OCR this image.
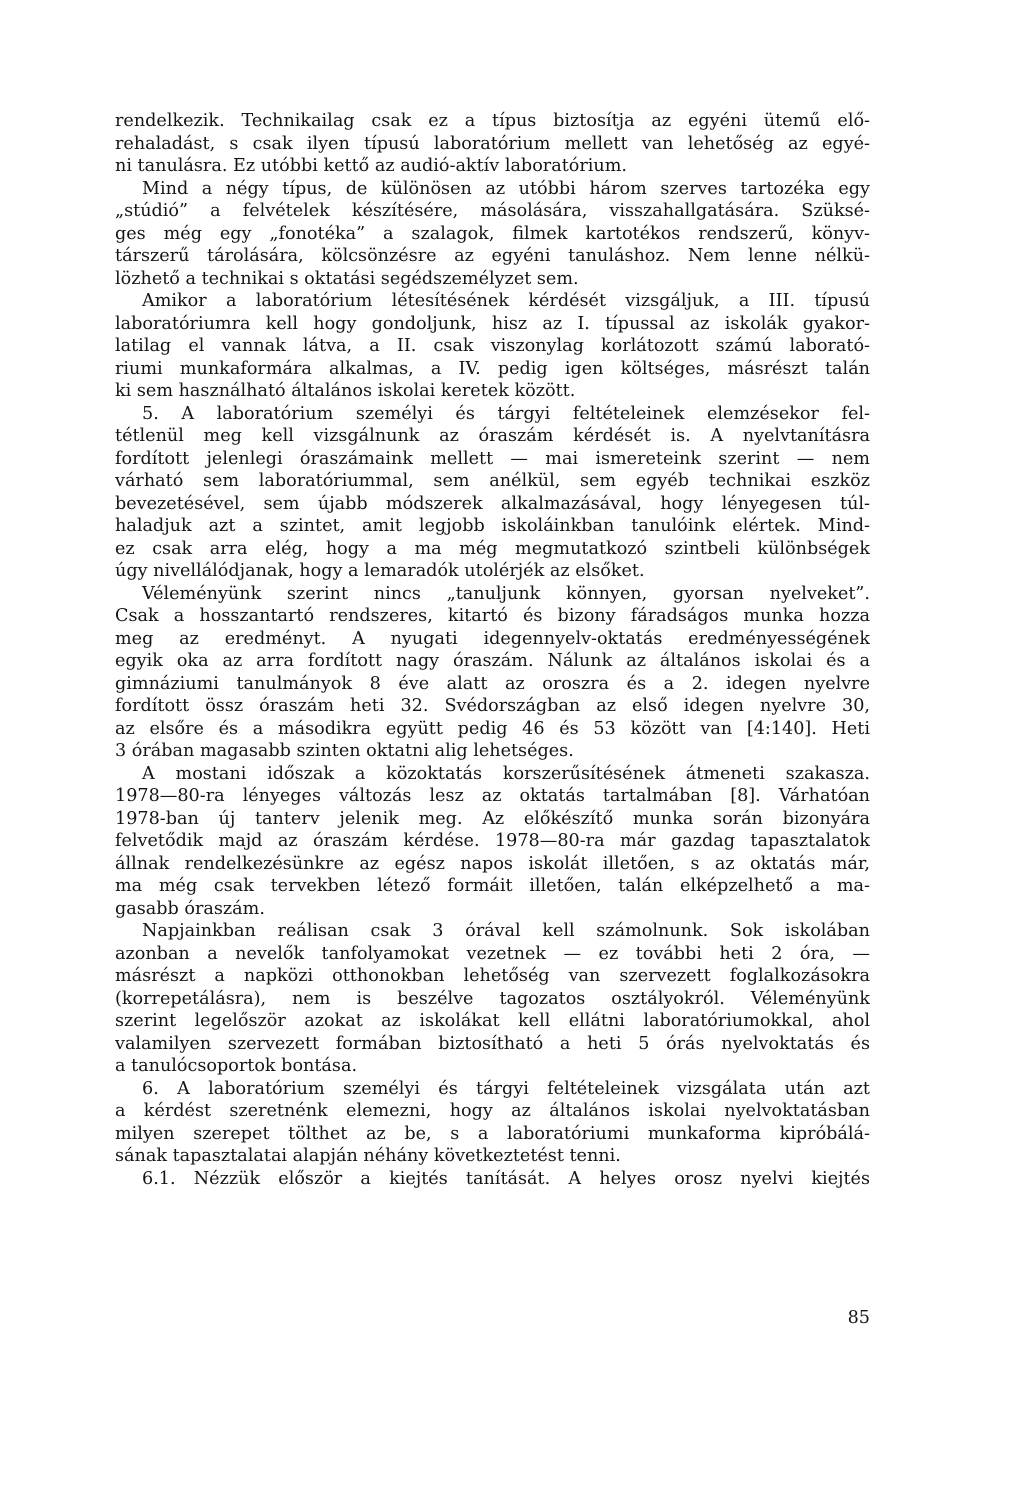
rendelkezik. Technikailag csak ez a típus biztosítja az egyéni ütemű elő-
rehaladást, s csak ilyen típusú laboratórium mellett van lehetőség az egyé-
ni tanulásra. Ez utóbbi kettő az audió-aktív laboratórium.
Mind a négy típus, de különösen az utóbbi három szerves tartozéka egy
„stúdió” a felvételek készítésére, másolására, visszahallgatására. Szüksé-
ges még egy „fonotéka” a szalagok, filmek kartotékos rendszerű, könyv-
társzerű tárolására, kölcsönzésre az egyéni tanuláshoz. Nem lenne nélkü-
lözhető a technikai s oktatási segédszemélyzet sem.
Amikor a laboratórium létesítésének kérdését vizsgáljuk, a III. típusú
laboratóriumra kell hogy gondoljunk, hisz az I. típussal az iskolák gyakor-
latilag el vannak látva, a II. csak viszonylag korlátozott számú laborató-
riumi munkaformára alkalmas, a IV. pedig igen költséges, másrészt talán
ki sem használható általános iskolai keretek között.
5. A laboratórium személyi és tárgyi feltételeinek elemzésekor fel-
tétlenül meg kell vizsgálnunk az óraszám kérdését is. A nyelvtanításra
fordított jelenlegi óraszámaink mellett — mai ismereteink szerint — nem
várható sem laboratóriummal, sem anélkül, sem egyéb technikai eszköz
bevezetésével, sem újabb módszerek alkalmazásával, hogy lényegesen túl-
haladjuk azt a szintet, amit legjobb iskoláinkban tanulóink elértek. Mind-
ez csak arra elég, hogy a ma még megmutatkozó szintbeli különbségek
úgy nivellálódjanak, hogy a lemaradók utolérjék az elsőket.
Véleményünk szerint nincs „tanuljunk könnyen, gyorsan nyelveket”.
Csak a hosszantartó rendszeres, kitartó és bizony fáradságos munka hozza
meg az eredményt. A nyugati idegennyelv-oktatás eredményességének
egyik oka az arra fordított nagy óraszám. Nálunk az általános iskolai és a
gimnáziumi tanulmányok 8 éve alatt az oroszra és a 2. idegen nyelvre
fordított össz óraszám heti 32. Svédországban az első idegen nyelvre 30,
az elsőre és a másodikra együtt pedig 46 és 53 között van [4:140]. Heti
3 órában magasabb szinten oktatni alig lehetséges.
A mostani időszak a közoktatás korszerűsítésének átmeneti szakasza.
1978—80-ra lényeges változás lesz az oktatás tartalmában [8]. Várhatóan
1978-ban új tanterv jelenik meg. Az előkészítő munka során bizonyára
felvetődik majd az óraszám kérdése. 1978—80-ra már gazdag tapasztalatok
állnak rendelkezésünkre az egész napos iskolát illetően, s az oktatás már,
ma még csak tervekben létező formáit illetően, talán elképzelhető a ma-
gasabb óraszám.
Napjainkban reálisan csak 3 órával kell számolnunk. Sok iskolában
azonban a nevelők tanfolyamokat vezetnek — ez további heti 2 óra, —
másrészt a napközi otthonokban lehetőség van szervezett foglalkozásokra
(korrepetálásra), nem is beszélve tagozatos osztályokról. Véleményünk
szerint legelőször azokat az iskolákat kell ellátni laboratóriumokkal, ahol
valamilyen szervezett formában biztosítható a heti 5 órás nyelvoktatás és
a tanulócsoportok bontása.
6. A laboratórium személyi és tárgyi feltételeinek vizsgálata után azt
a kérdést szeretnénk elemezni, hogy az általános iskolai nyelvoktatásban
milyen szerepet tölthet az be, s a laboratóriumi munkaforma kipróbálá-
sának tapasztalatai alapján néhány következtetést tenni.
6.1. Nézzük először a kiejtés tanítását. A helyes orosz nyelvi kiejtés
85
